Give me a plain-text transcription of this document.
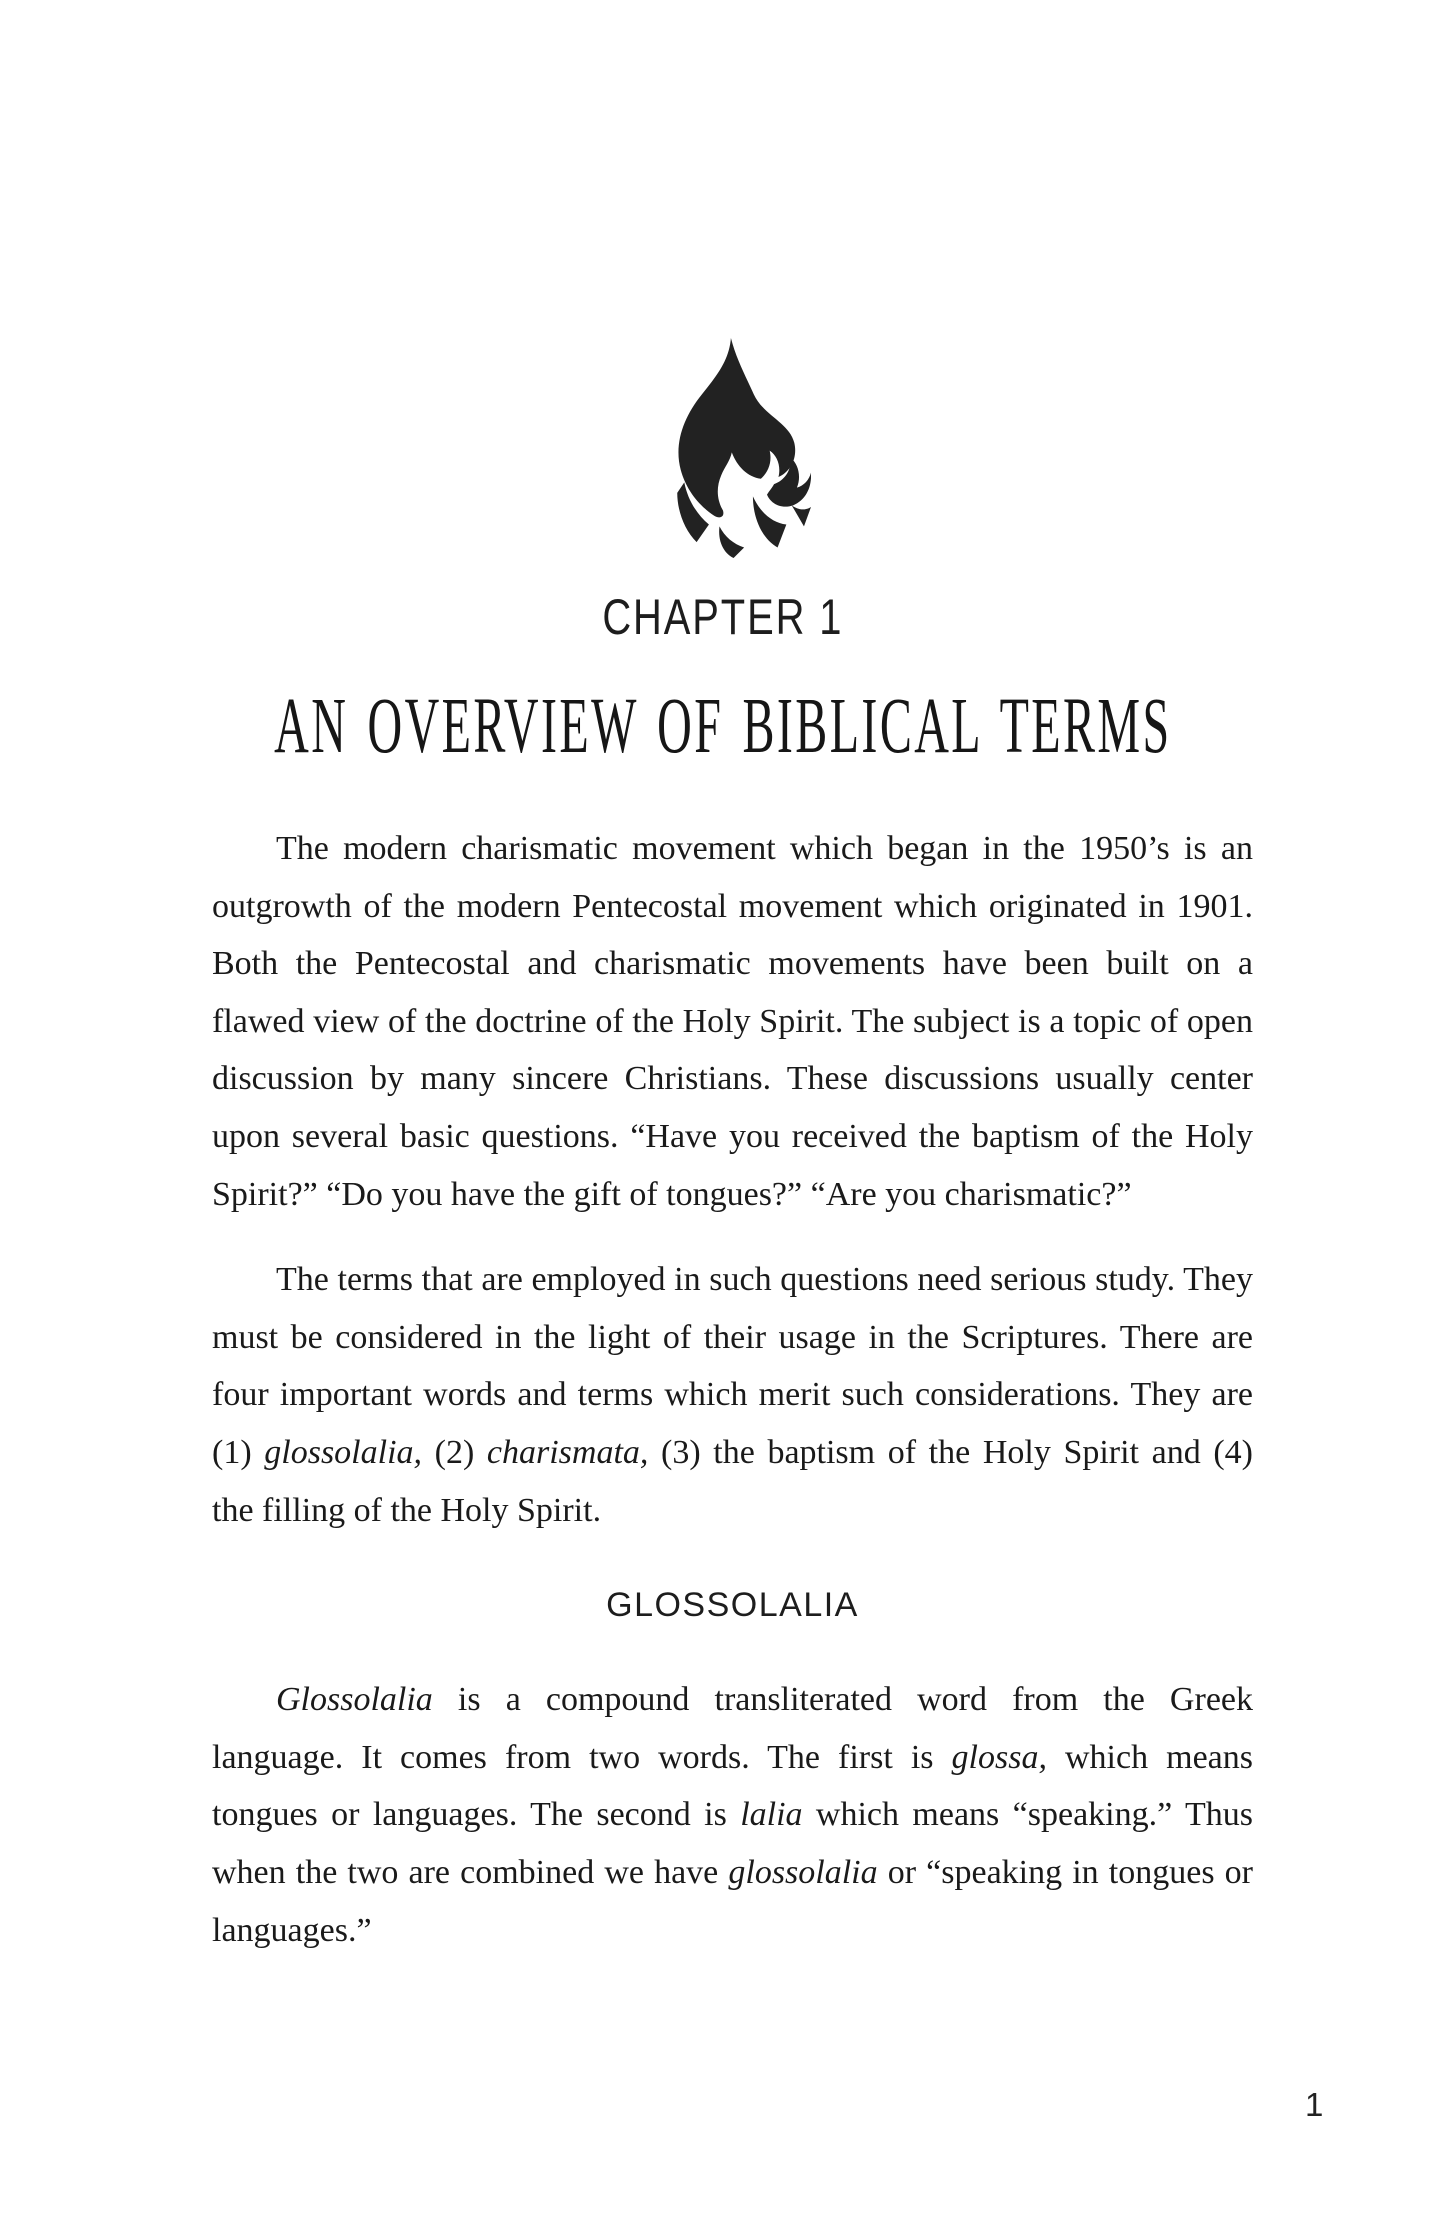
CHAPTER 1
AN OVERVIEW OF BIBLICAL TERMS

The modern charismatic movement which began in the 1950’s is an outgrowth of the modern Pentecostal movement which originated in 1901. Both the Pentecostal and charismatic movements have been built on a flawed view of the doctrine of the Holy Spirit. The subject is a topic of open discussion by many sincere Christians. These discussions usually center upon several basic questions. “Have you received the baptism of the Holy Spirit?” “Do you have the gift of tongues?” “Are you charismatic?”

The terms that are employed in such questions need serious study. They must be considered in the light of their usage in the Scriptures. There are four important words and terms which merit such considerations. They are (1) glossolalia, (2) charismata, (3) the baptism of the Holy Spirit and (4) the filling of the Holy Spirit.

GLOSSOLALIA

Glossolalia is a compound transliterated word from the Greek language. It comes from two words. The first is glossa, which means tongues or languages. The second is lalia which means “speaking.” Thus when the two are combined we have glossolalia or “speaking in tongues or languages.”

1
